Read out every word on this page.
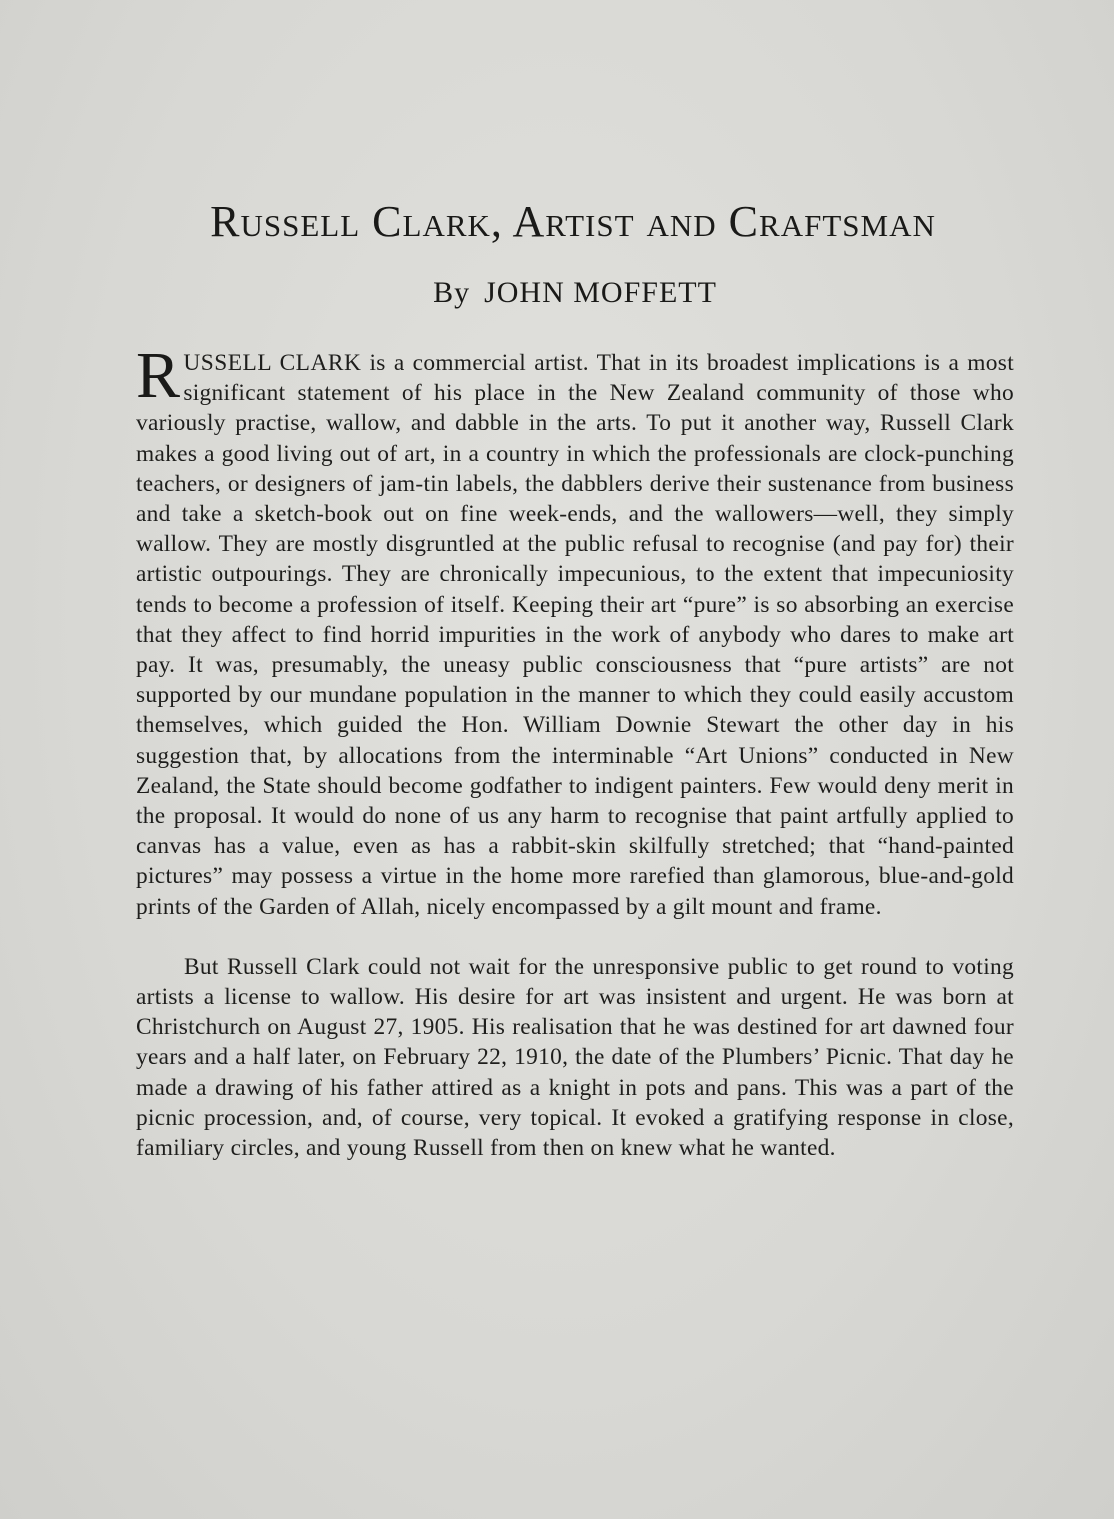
Russell Clark, Artist and Craftsman
By JOHN MOFFETT

RUSSELL CLARK is a commercial artist. That in its broadest implications is a most significant statement of his place in the New Zealand community of those who variously practise, wallow, and dabble in the arts. To put it another way, Russell Clark makes a good living out of art, in a country in which the professionals are clock-punching teachers, or designers of jam-tin labels, the dabblers derive their sustenance from business and take a sketch-book out on fine week-ends, and the wallowers—well, they simply wallow. They are mostly disgruntled at the public refusal to recognise (and pay for) their artistic outpourings. They are chronically impecunious, to the extent that impecuniosity tends to become a profession of itself. Keeping their art “pure” is so absorbing an exercise that they affect to find horrid impurities in the work of anybody who dares to make art pay. It was, presumably, the uneasy public consciousness that “pure artists” are not supported by our mundane population in the manner to which they could easily accustom themselves, which guided the Hon. William Downie Stewart the other day in his suggestion that, by allocations from the interminable “Art Unions” conducted in New Zealand, the State should become godfather to indigent painters. Few would deny merit in the proposal. It would do none of us any harm to recognise that paint artfully applied to canvas has a value, even as has a rabbit-skin skilfully stretched; that “hand-painted pictures” may possess a virtue in the home more rarefied than glamorous, blue-and-gold prints of the Garden of Allah, nicely encompassed by a gilt mount and frame.

But Russell Clark could not wait for the unresponsive public to get round to voting artists a license to wallow. His desire for art was insistent and urgent. He was born at Christchurch on August 27, 1905. His realisation that he was destined for art dawned four years and a half later, on February 22, 1910, the date of the Plumbers’ Picnic. That day he made a drawing of his father attired as a knight in pots and pans. This was a part of the picnic procession, and, of course, very topical. It evoked a gratifying response in close, familiary circles, and young Russell from then on knew what he wanted.
